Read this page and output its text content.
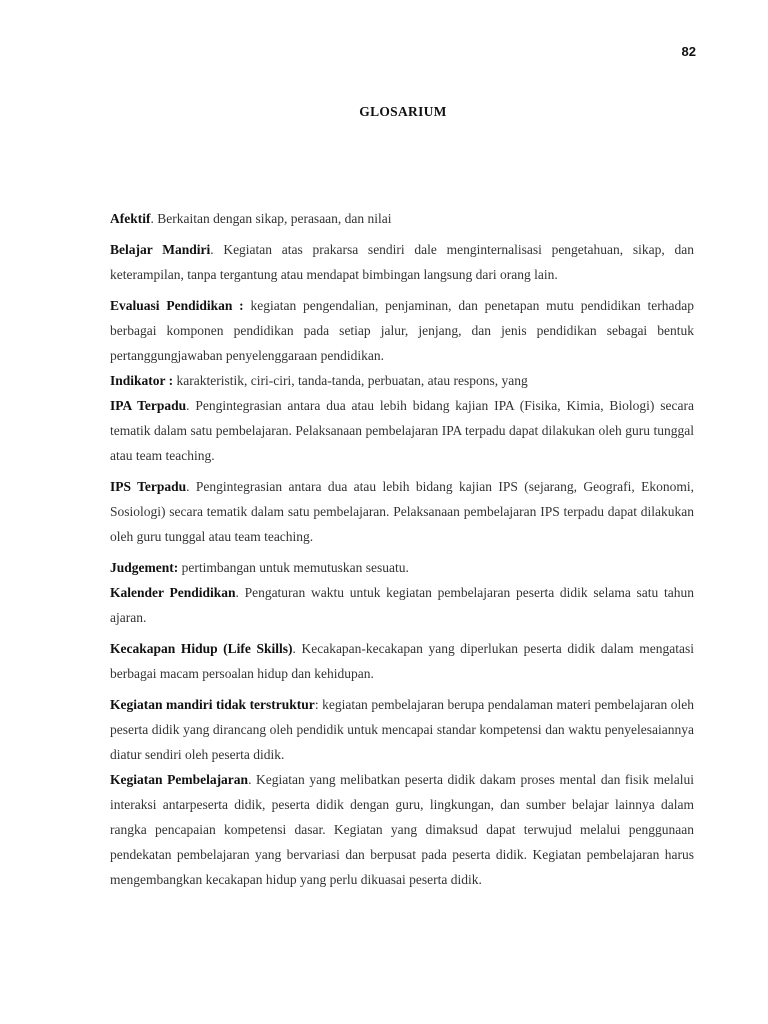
82
GLOSARIUM

Afektif. Berkaitan dengan sikap, perasaan, dan nilai

Belajar Mandiri. Kegiatan atas prakarsa sendiri dale menginternalisasi pengetahuan, sikap, dan keterampilan, tanpa tergantung atau mendapat bimbingan langsung dari orang lain.

Evaluasi Pendidikan : kegiatan pengendalian, penjaminan, dan penetapan mutu pendidikan terhadap berbagai komponen pendidikan pada setiap jalur, jenjang, dan jenis pendidikan sebagai bentuk pertanggungjawaban penyelenggaraan pendidikan.

Indikator : karakteristik, ciri-ciri, tanda-tanda, perbuatan, atau respons, yang

IPA Terpadu. Pengintegrasian antara dua atau lebih bidang kajian IPA (Fisika, Kimia, Biologi) secara tematik dalam satu pembelajaran. Pelaksanaan pembelajaran IPA terpadu dapat dilakukan oleh guru tunggal atau team teaching.

IPS Terpadu. Pengintegrasian antara dua atau lebih bidang kajian IPS (sejarang, Geografi, Ekonomi, Sosiologi) secara tematik dalam satu pembelajaran. Pelaksanaan pembelajaran IPS terpadu dapat dilakukan oleh guru tunggal atau team teaching.

Judgement: pertimbangan untuk memutuskan sesuatu.

Kalender Pendidikan. Pengaturan waktu untuk kegiatan pembelajaran peserta didik selama satu tahun ajaran.

Kecakapan Hidup (Life Skills). Kecakapan-kecakapan yang diperlukan peserta didik dalam mengatasi berbagai macam persoalan hidup dan kehidupan.

Kegiatan mandiri tidak terstruktur: kegiatan pembelajaran berupa pendalaman materi pembelajaran oleh peserta didik yang dirancang oleh pendidik untuk mencapai standar kompetensi dan waktu penyelesaiannya diatur sendiri oleh peserta didik.

Kegiatan Pembelajaran. Kegiatan yang melibatkan peserta didik dakam proses mental dan fisik melalui interaksi antarpeserta didik, peserta didik dengan guru, lingkungan, dan sumber belajar lainnya dalam rangka pencapaian kompetensi dasar. Kegiatan yang dimaksud dapat terwujud melalui penggunaan pendekatan pembelajaran yang bervariasi dan berpusat pada peserta didik. Kegiatan pembelajaran harus mengembangkan kecakapan hidup yang perlu dikuasai peserta didik.
